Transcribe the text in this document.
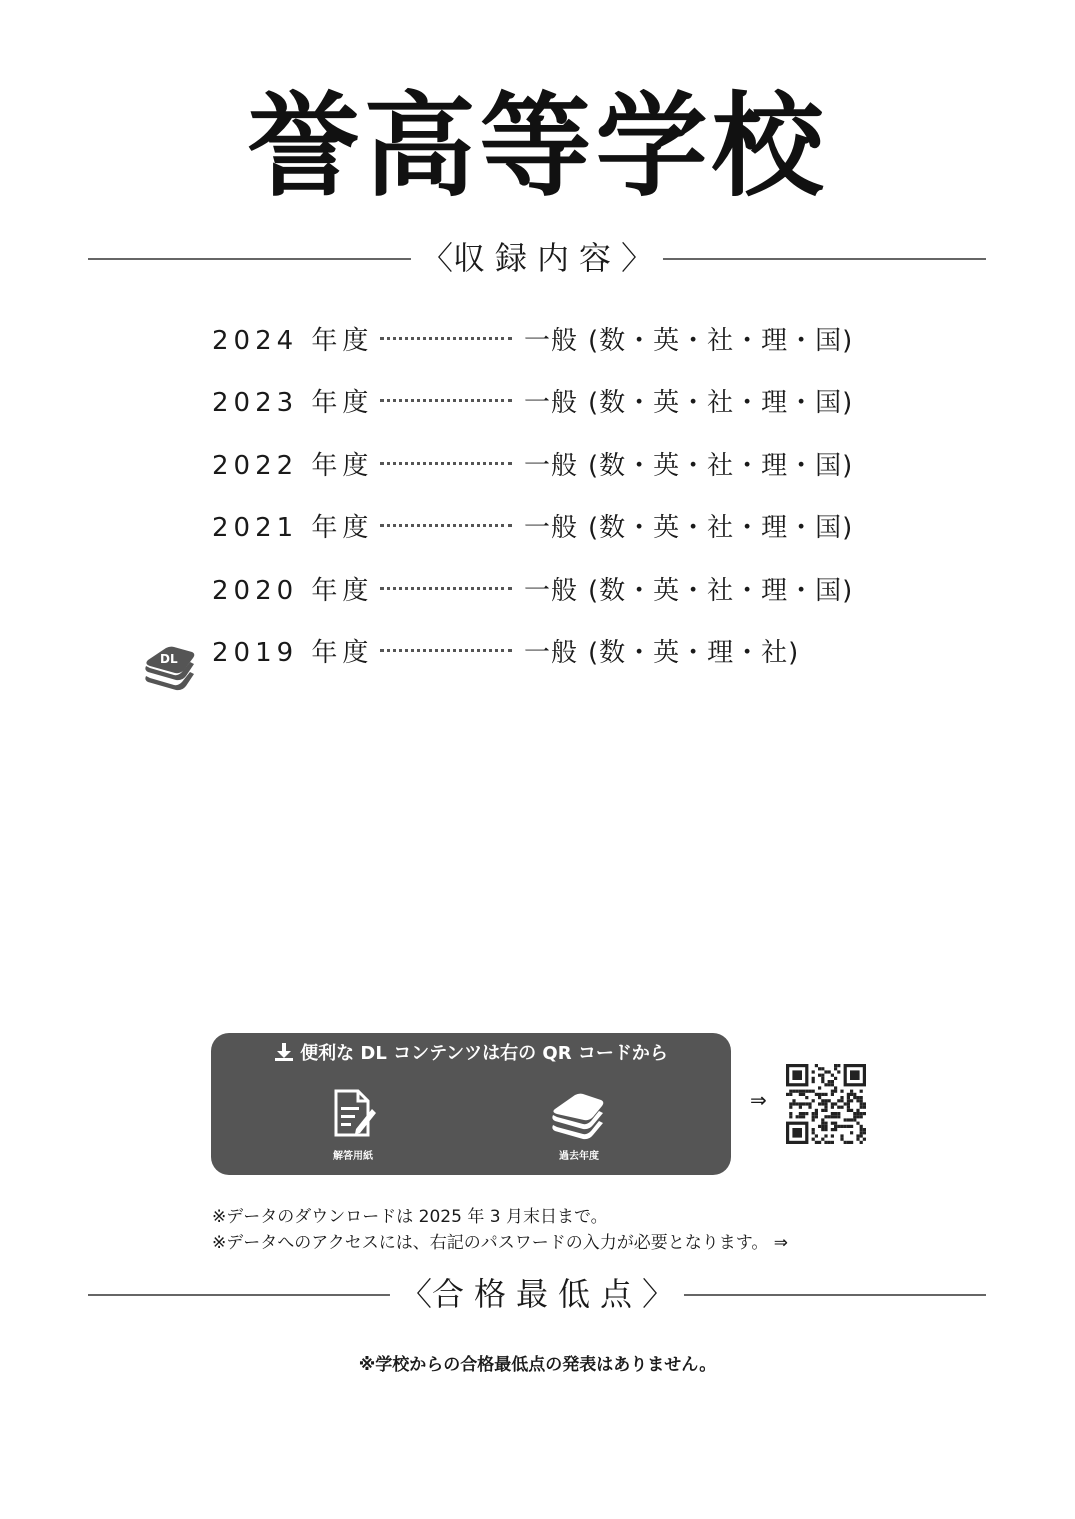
誉高等学校
〈収録内容〉
2024 年度	一般 (数・英・社・理・国)
2023 年度	一般 (数・英・社・理・国)
2022 年度	一般 (数・英・社・理・国)
2021 年度	一般 (数・英・社・理・国)
2020 年度	一般 (数・英・社・理・国)
2019 年度	一般 (数・英・理・社)
DL
便利な DL コンテンツは右の QR コードから
解答用紙	過去年度
⇒
※データのダウンロードは 2025 年 3 月末日まで。
※データへのアクセスには、右記のパスワードの入力が必要となります。 ⇒
〈合格最低点〉
※学校からの合格最低点の発表はありません。
